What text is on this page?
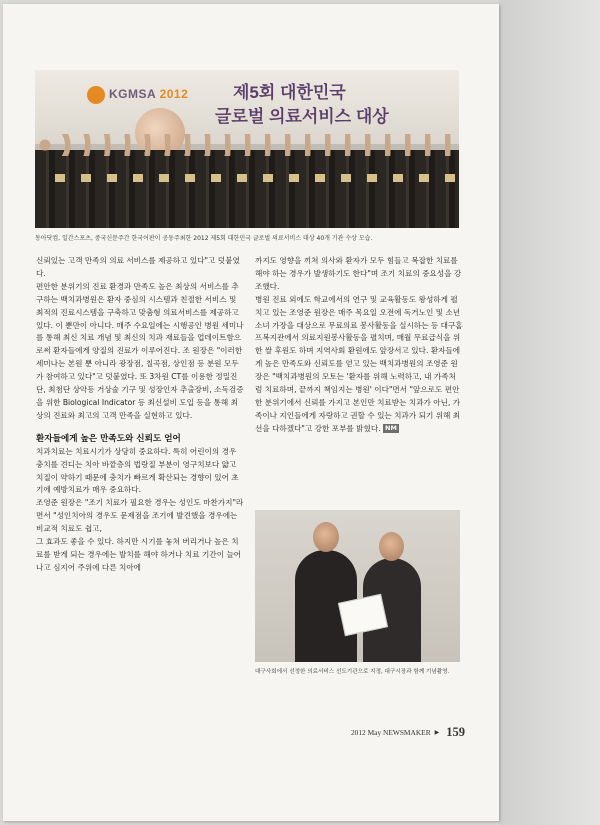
KGMSA 2012	제5회 대한민국
글로벌 의료서비스 대상
동아닷컴, 일간스포츠, 중국신문주간 한국어판이 공동주최한 2012 제5회 대한민국 글로벌 의료서비스 대상 40개 기관 수상 모습.

신뢰있는 고객 만족의 의료 서비스를 제공하고 있다"고 덧붙였다.

편안한 분위기의 진료 환경과 만족도 높은 최상의 서비스를 추구하는 백치과병원은 환자 중심의 시스템과 친절한 서비스 및 최적의 진료시스템을 구축하고 맞춤형 의료서비스를 제공하고 있다. 이 뿐만이 아니다. 매주 수요일에는 시행공인 병원 세미나를 통해 최신 치료 개념 및 최신의 치과 재료들을 업데이트함으로써 환자들에게 양질의 진료가 이루어진다. 조 원장은 "이러한 세미나는 본원 뿐 아니라 광장점, 칠곡점, 상인점 등 분원 모두가 참여하고 있다"고 덧붙였다. 또 3차원 CT를 이용한 정밀진단, 최첨단 상악동 거상술 기구 및 성장인자 추출장비, 소독검증을 위한 Biological Indicator 등 최신설비 도입 등을 통해 최상의 진료와 최고의 고객 만족을 실현하고 있다.

환자들에게 높은 만족도와 신뢰도 얻어

치과치료는 치료시기가 상당히 중요하다. 특히 어린이의 경우 충치를 견디는 치아 바깥층의 법랑질 부분이 영구치보다 얇고 치질이 약하기 때문에 충치가 빠르게 확산되는 경향이 있어 초기에 예방치료가 매우 중요하다.

조영준 원장은 "조기 치료가 필요한 경우는 성인도 마찬가지"라면서 "성인치아의 경우도 문제점을 조기에 발견했을 경우에는 비교적 치료도 쉽고,

그 효과도 좋을 수 있다. 하지만 시기를 놓쳐 버리거나 높은 치료를 받게 되는 경우에는 발치를 해야 하거나 치료 기간이 늘어나고 심지어 주위에 다른 치아에

까지도 영향을 끼쳐 의사와 환자가 모두 힘들고 복잡한 치료를 해야 하는 경우가 발생하기도 한다"며 조기 치료의 중요성을 강조했다.

병원 진료 외에도 학교에서의 연구 및 교육활동도 왕성하게 펼치고 있는 조영준 원장은 매주 목요일 오전에 독거노인 및 소년소녀 가장을 대상으로 무료의료 봉사활동을 실시하는 등 대구홈프복지관에서 의료지원봉사활동을 펼치며, 매월 무료급식을 위한 쌀 후원도 하며 지역사회 환원에도 앞장서고 있다. 환자들에게 높은 만족도와 신뢰도를 얻고 있는 백치과병원의 조영준 원장은 "백치과병원의 모토는 '환자를 위해 노력하고, 내 가족처럼 치료하며, 끝까지 책임지는 병원' 이다"면서 "앞으로도 편안한 분위기에서 신뢰를 가지고 본인만 치료받는 치과가 아닌, 가족이나 지인들에게 자랑하고 권할 수 있는 치과가 되기 위해 최선을 다하겠다"고 강한 포부를 밝혔다. NM

대구사회에서 선정한 의료서비스 선도기관으로 지정, 대구시장과 함께 기념촬영.
2012 May NEWSMAKER ▶ 159
